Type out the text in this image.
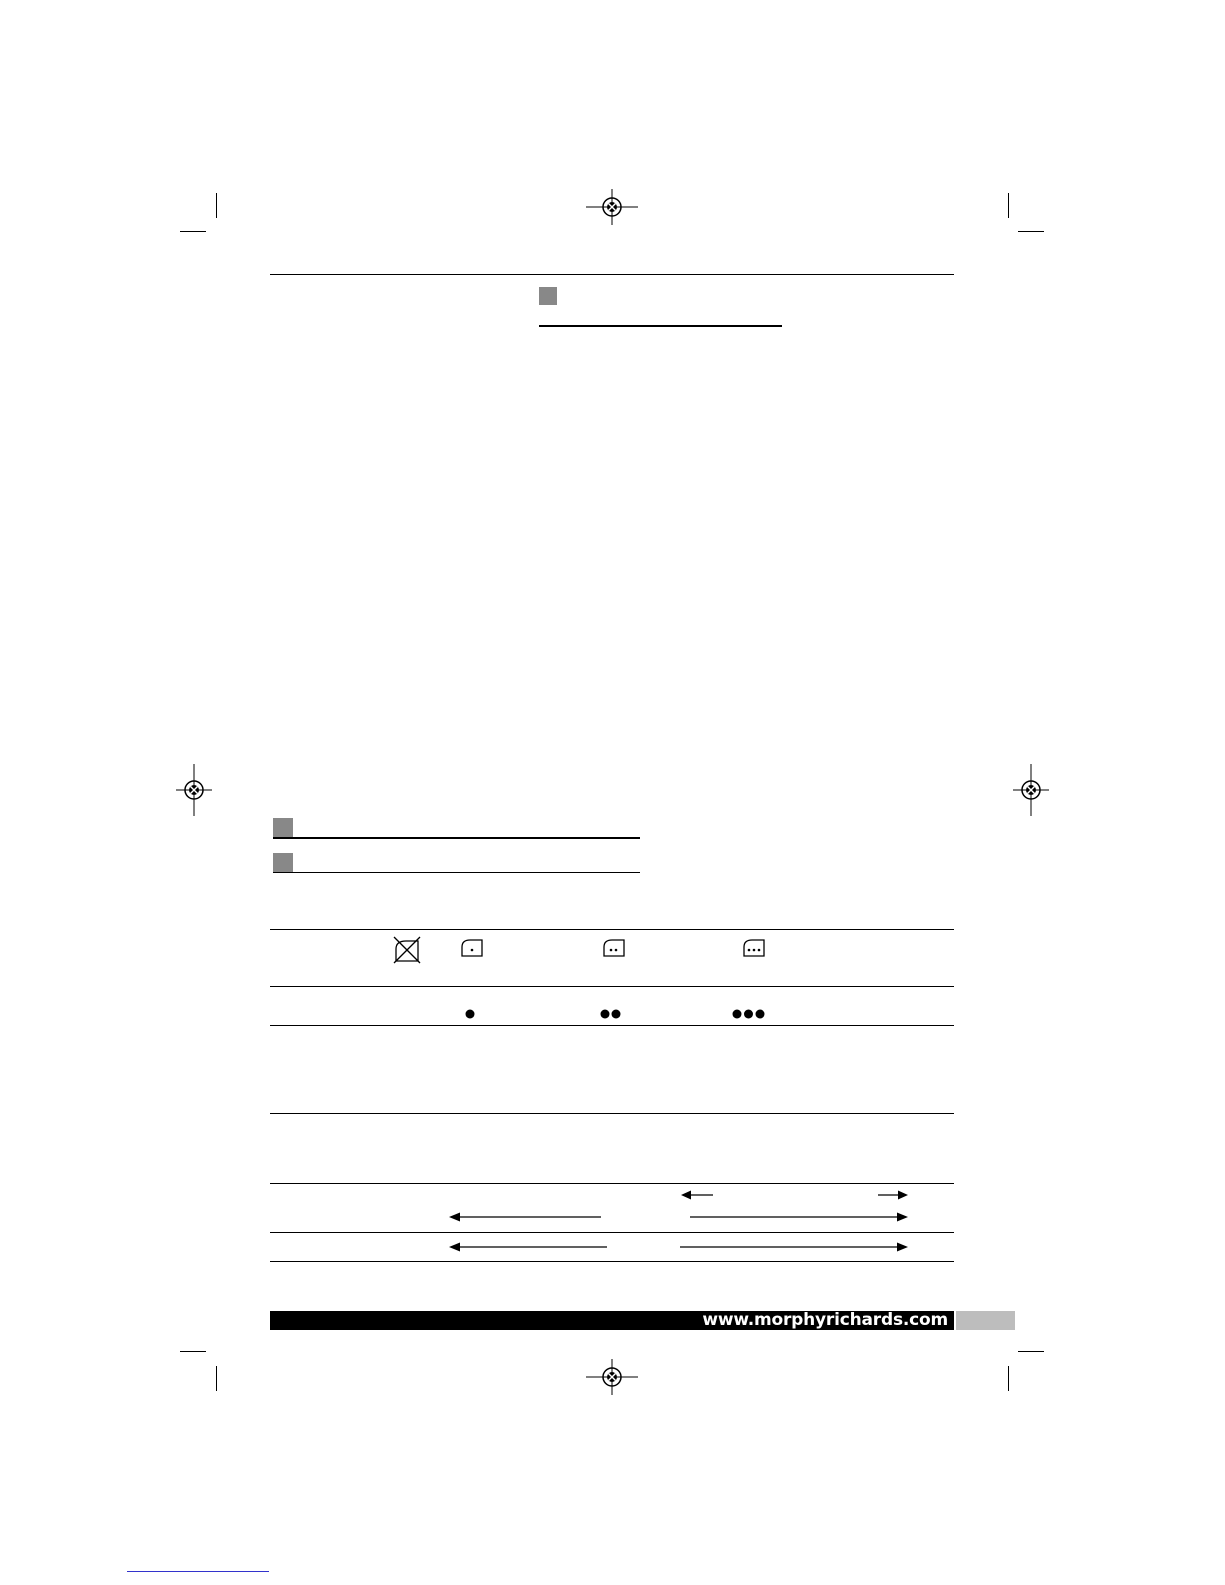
www.morphyrichards.com
